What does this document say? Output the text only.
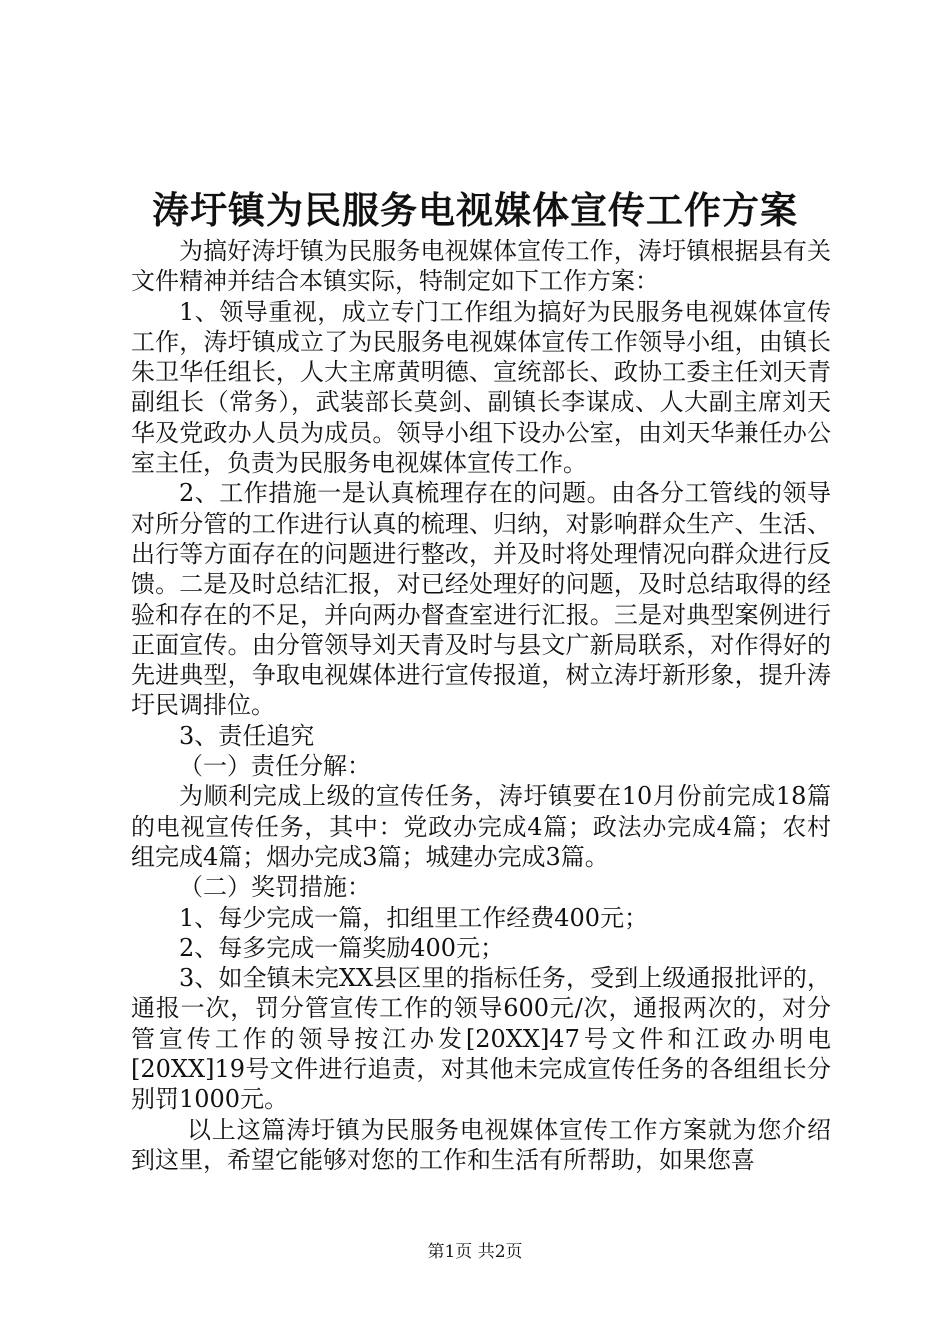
涛圩镇为民服务电视媒体宣传工作方案

为搞好涛圩镇为民服务电视媒体宣传工作，涛圩镇根据县有关文件精神并结合本镇实际，特制定如下工作方案：

1、领导重视，成立专门工作组为搞好为民服务电视媒体宣传工作，涛圩镇成立了为民服务电视媒体宣传工作领导小组，由镇长朱卫华任组长，人大主席黄明德、宣统部长、政协工委主任刘天青副组长（常务），武装部长莫剑、副镇长李谋成、人大副主席刘天华及党政办人员为成员。领导小组下设办公室，由刘天华兼任办公室主任，负责为民服务电视媒体宣传工作。

2、工作措施一是认真梳理存在的问题。由各分工管线的领导对所分管的工作进行认真的梳理、归纳，对影响群众生产、生活、出行等方面存在的问题进行整改，并及时将处理情况向群众进行反馈。二是及时总结汇报，对已经处理好的问题，及时总结取得的经验和存在的不足，并向两办督查室进行汇报。三是对典型案例进行正面宣传。由分管领导刘天青及时与县文广新局联系，对作得好的先进典型，争取电视媒体进行宣传报道，树立涛圩新形象，提升涛圩民调排位。

3、责任追究

（一）责任分解：

为顺利完成上级的宣传任务，涛圩镇要在10月份前完成18篇的电视宣传任务，其中：党政办完成4篇；政法办完成4篇；农村组完成4篇；烟办完成3篇；城建办完成3篇。

（二）奖罚措施：

1、每少完成一篇，扣组里工作经费400元；

2、每多完成一篇奖励400元；

3、如全镇未完XX县区里的指标任务，受到上级通报批评的，通报一次，罚分管宣传工作的领导600元/次，通报两次的，对分管宣传工作的领导按江办发[20XX]47号文件和江政办明电[20XX]19号文件进行追责，对其他未完成宣传任务的各组组长分别罚1000元。

以上这篇涛圩镇为民服务电视媒体宣传工作方案就为您介绍到这里，希望它能够对您的工作和生活有所帮助，如果您喜

第1页 共2页
